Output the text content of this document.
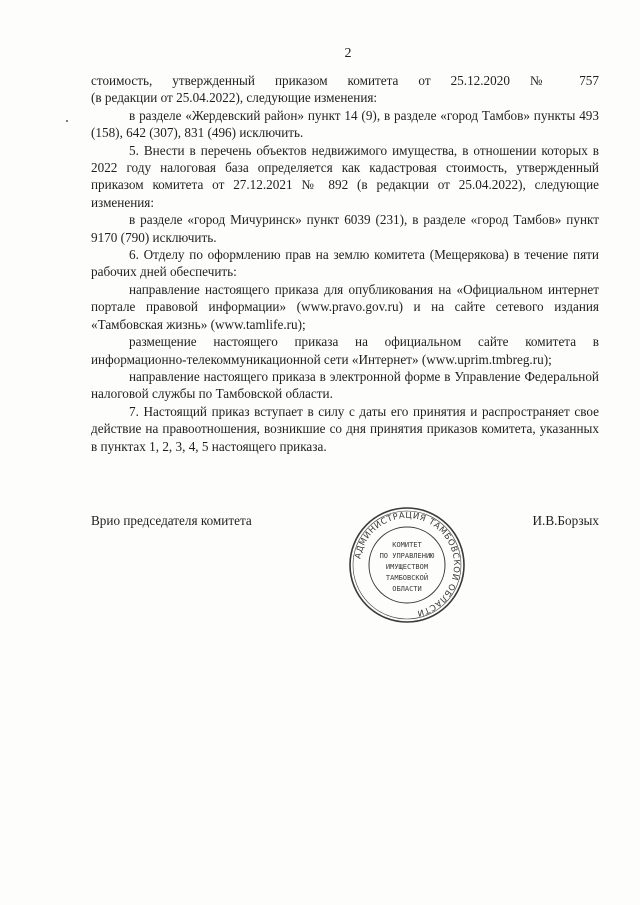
2

стоимость, утвержденный приказом комитета от 25.12.2020 № 757

(в редакции от 25.04.2022), следующие изменения:

в разделе «Жердевский район» пункт 14 (9), в разделе «город Тамбов» пункты 493 (158), 642 (307), 831 (496) исключить.

5. Внести в перечень объектов недвижимого имущества, в отношении которых в 2022 году налоговая база определяется как кадастровая стоимость, утвержденный приказом комитета от 27.12.2021 № 892 (в редакции от 25.04.2022), следующие изменения:

в разделе «город Мичуринск» пункт 6039 (231), в разделе «город Тамбов» пункт 9170 (790) исключить.

6. Отделу по оформлению прав на землю комитета (Мещерякова) в течение пяти рабочих дней обеспечить:

направление настоящего приказа для опубликования на «Официальном интернет портале правовой информации» (www.pravo.gov.ru) и на сайте сетевого издания «Тамбовская жизнь» (www.tamlife.ru);

размещение настоящего приказа на официальном сайте комитета в информационно-телекоммуникационной сети «Интернет» (www.uprim.tmbreg.ru);

направление настоящего приказа в электронной форме в Управление Федеральной налоговой службы по Тамбовской области.

7. Настоящий приказ вступает в силу с даты его принятия и распространяет свое действие на правоотношения, возникшие со дня принятия приказов комитета, указанных в пунктах 1, 2, 3, 4, 5 настоящего приказа.

Врио председателя комитета	И.В.Борзых
АДМИНИСТРАЦИЯ ТАМБОВСКОЙ ОБЛАСТИ
КОМИТЕТ
ПО УПРАВЛЕНИЮ
ИМУЩЕСТВОМ
ТАМБОВСКОЙ
ОБЛАСТИ
